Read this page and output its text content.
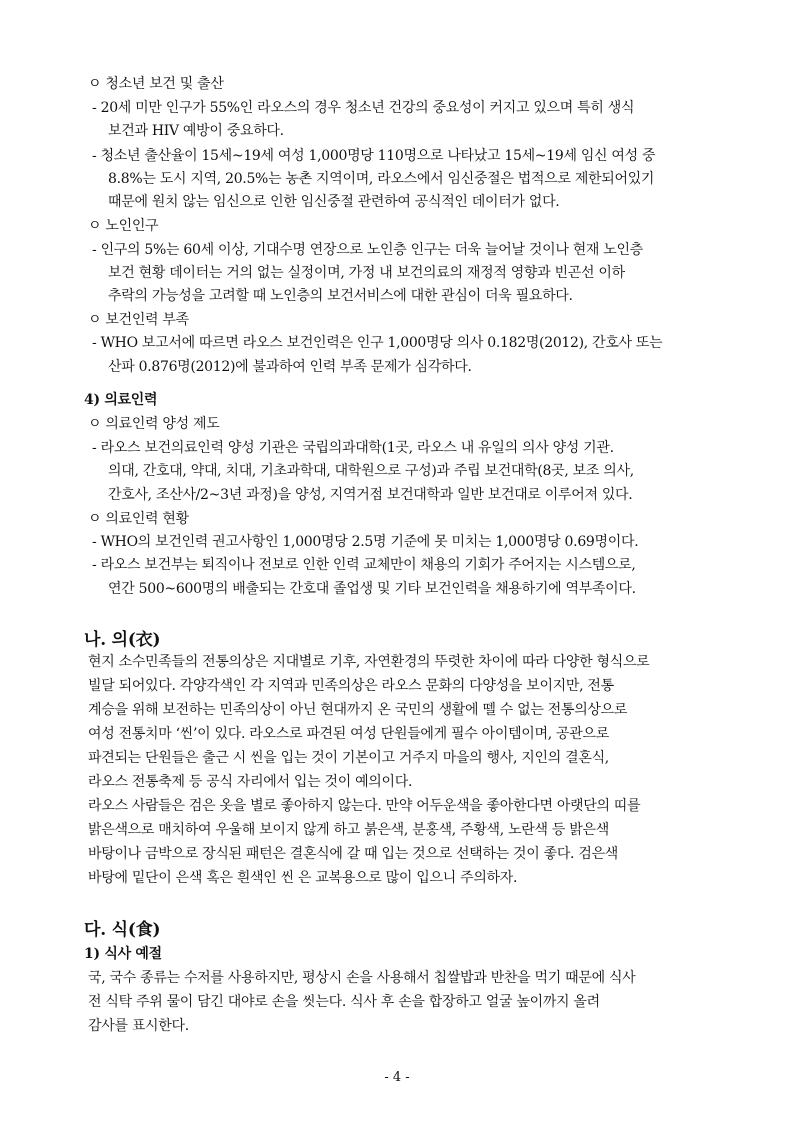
ㅇ 청소년 보건 및 출산
- 20세 미만 인구가 55%인 라오스의 경우 청소년 건강의 중요성이 커지고 있으며 특히 생식
보건과 HIV 예방이 중요하다.
- 청소년 출산율이 15세~19세 여성 1,000명당 110명으로 나타났고 15세~19세 임신 여성 중
8.8%는 도시 지역, 20.5%는 농촌 지역이며, 라오스에서 임신중절은 법적으로 제한되어있기
때문에 원치 않는 임신으로 인한 임신중절 관련하여 공식적인 데이터가 없다.
ㅇ 노인인구
- 인구의 5%는 60세 이상, 기대수명 연장으로 노인층 인구는 더욱 늘어날 것이나 현재 노인층
보건 현황 데이터는 거의 없는 실정이며, 가정 내 보건의료의 재정적 영향과 빈곤선 이하
추락의 가능성을 고려할 때 노인층의 보건서비스에 대한 관심이 더욱 필요하다.
ㅇ 보건인력 부족
- WHO 보고서에 따르면 라오스 보건인력은 인구 1,000명당 의사 0.182명(2012), 간호사 또는
산파 0.876명(2012)에 불과하여 인력 부족 문제가 심각하다.
4) 의료인력
ㅇ 의료인력 양성 제도
- 라오스 보건의료인력 양성 기관은 국립의과대학(1곳, 라오스 내 유일의 의사 양성 기관.
의대, 간호대, 약대, 치대, 기초과학대, 대학원으로 구성)과 주립 보건대학(8곳, 보조 의사,
간호사, 조산사/2~3년 과정)을 양성, 지역거점 보건대학과 일반 보건대로 이루어져 있다.
ㅇ 의료인력 현황
- WHO의 보건인력 권고사항인 1,000명당 2.5명 기준에 못 미치는 1,000명당 0.69명이다.
- 라오스 보건부는 퇴직이나 전보로 인한 인력 교체만이 채용의 기회가 주어지는 시스템으로,
연간 500~600명의 배출되는 간호대 졸업생 및 기타 보건인력을 채용하기에 역부족이다.
나. 의(衣)
현지 소수민족들의 전통의상은 지대별로 기후, 자연환경의 뚜렷한 차이에 따라 다양한 형식으로
빌달 되어있다. 각양각색인 각 지역과 민족의상은 라오스 문화의 다양성을 보이지만, 전통
계승을 위해 보전하는 민족의상이 아닌 현대까지 온 국민의 생활에 뗄 수 없는 전통의상으로
여성 전통치마 ‘씬’이 있다. 라오스로 파견된 여성 단원들에게 필수 아이템이며, 공관으로
파견되는 단원들은 출근 시 씬을 입는 것이 기본이고 거주지 마을의 행사, 지인의 결혼식,
라오스 전통축제 등 공식 자리에서 입는 것이 예의이다.
라오스 사람들은 검은 옷을 별로 좋아하지 않는다. 만약 어두운색을 좋아한다면 아랫단의 띠를
밝은색으로 매치하여 우울해 보이지 않게 하고 붉은색, 분홍색, 주황색, 노란색 등 밝은색
바탕이나 금박으로 장식된 패턴은 결혼식에 갈 때 입는 것으로 선택하는 것이 좋다. 검은색
바탕에 밑단이 은색 혹은 흰색인 씬 은 교복용으로 많이 입으니 주의하자.
다. 식(食)
1) 식사 예절
국, 국수 종류는 수저를 사용하지만, 평상시 손을 사용해서 칩쌀밥과 반찬을 먹기 때문에 식사
전 식탁 주위 물이 담긴 대야로 손을 씻는다. 식사 후 손을 합장하고 얼굴 높이까지 올려
감사를 표시한다.
- 4 -
